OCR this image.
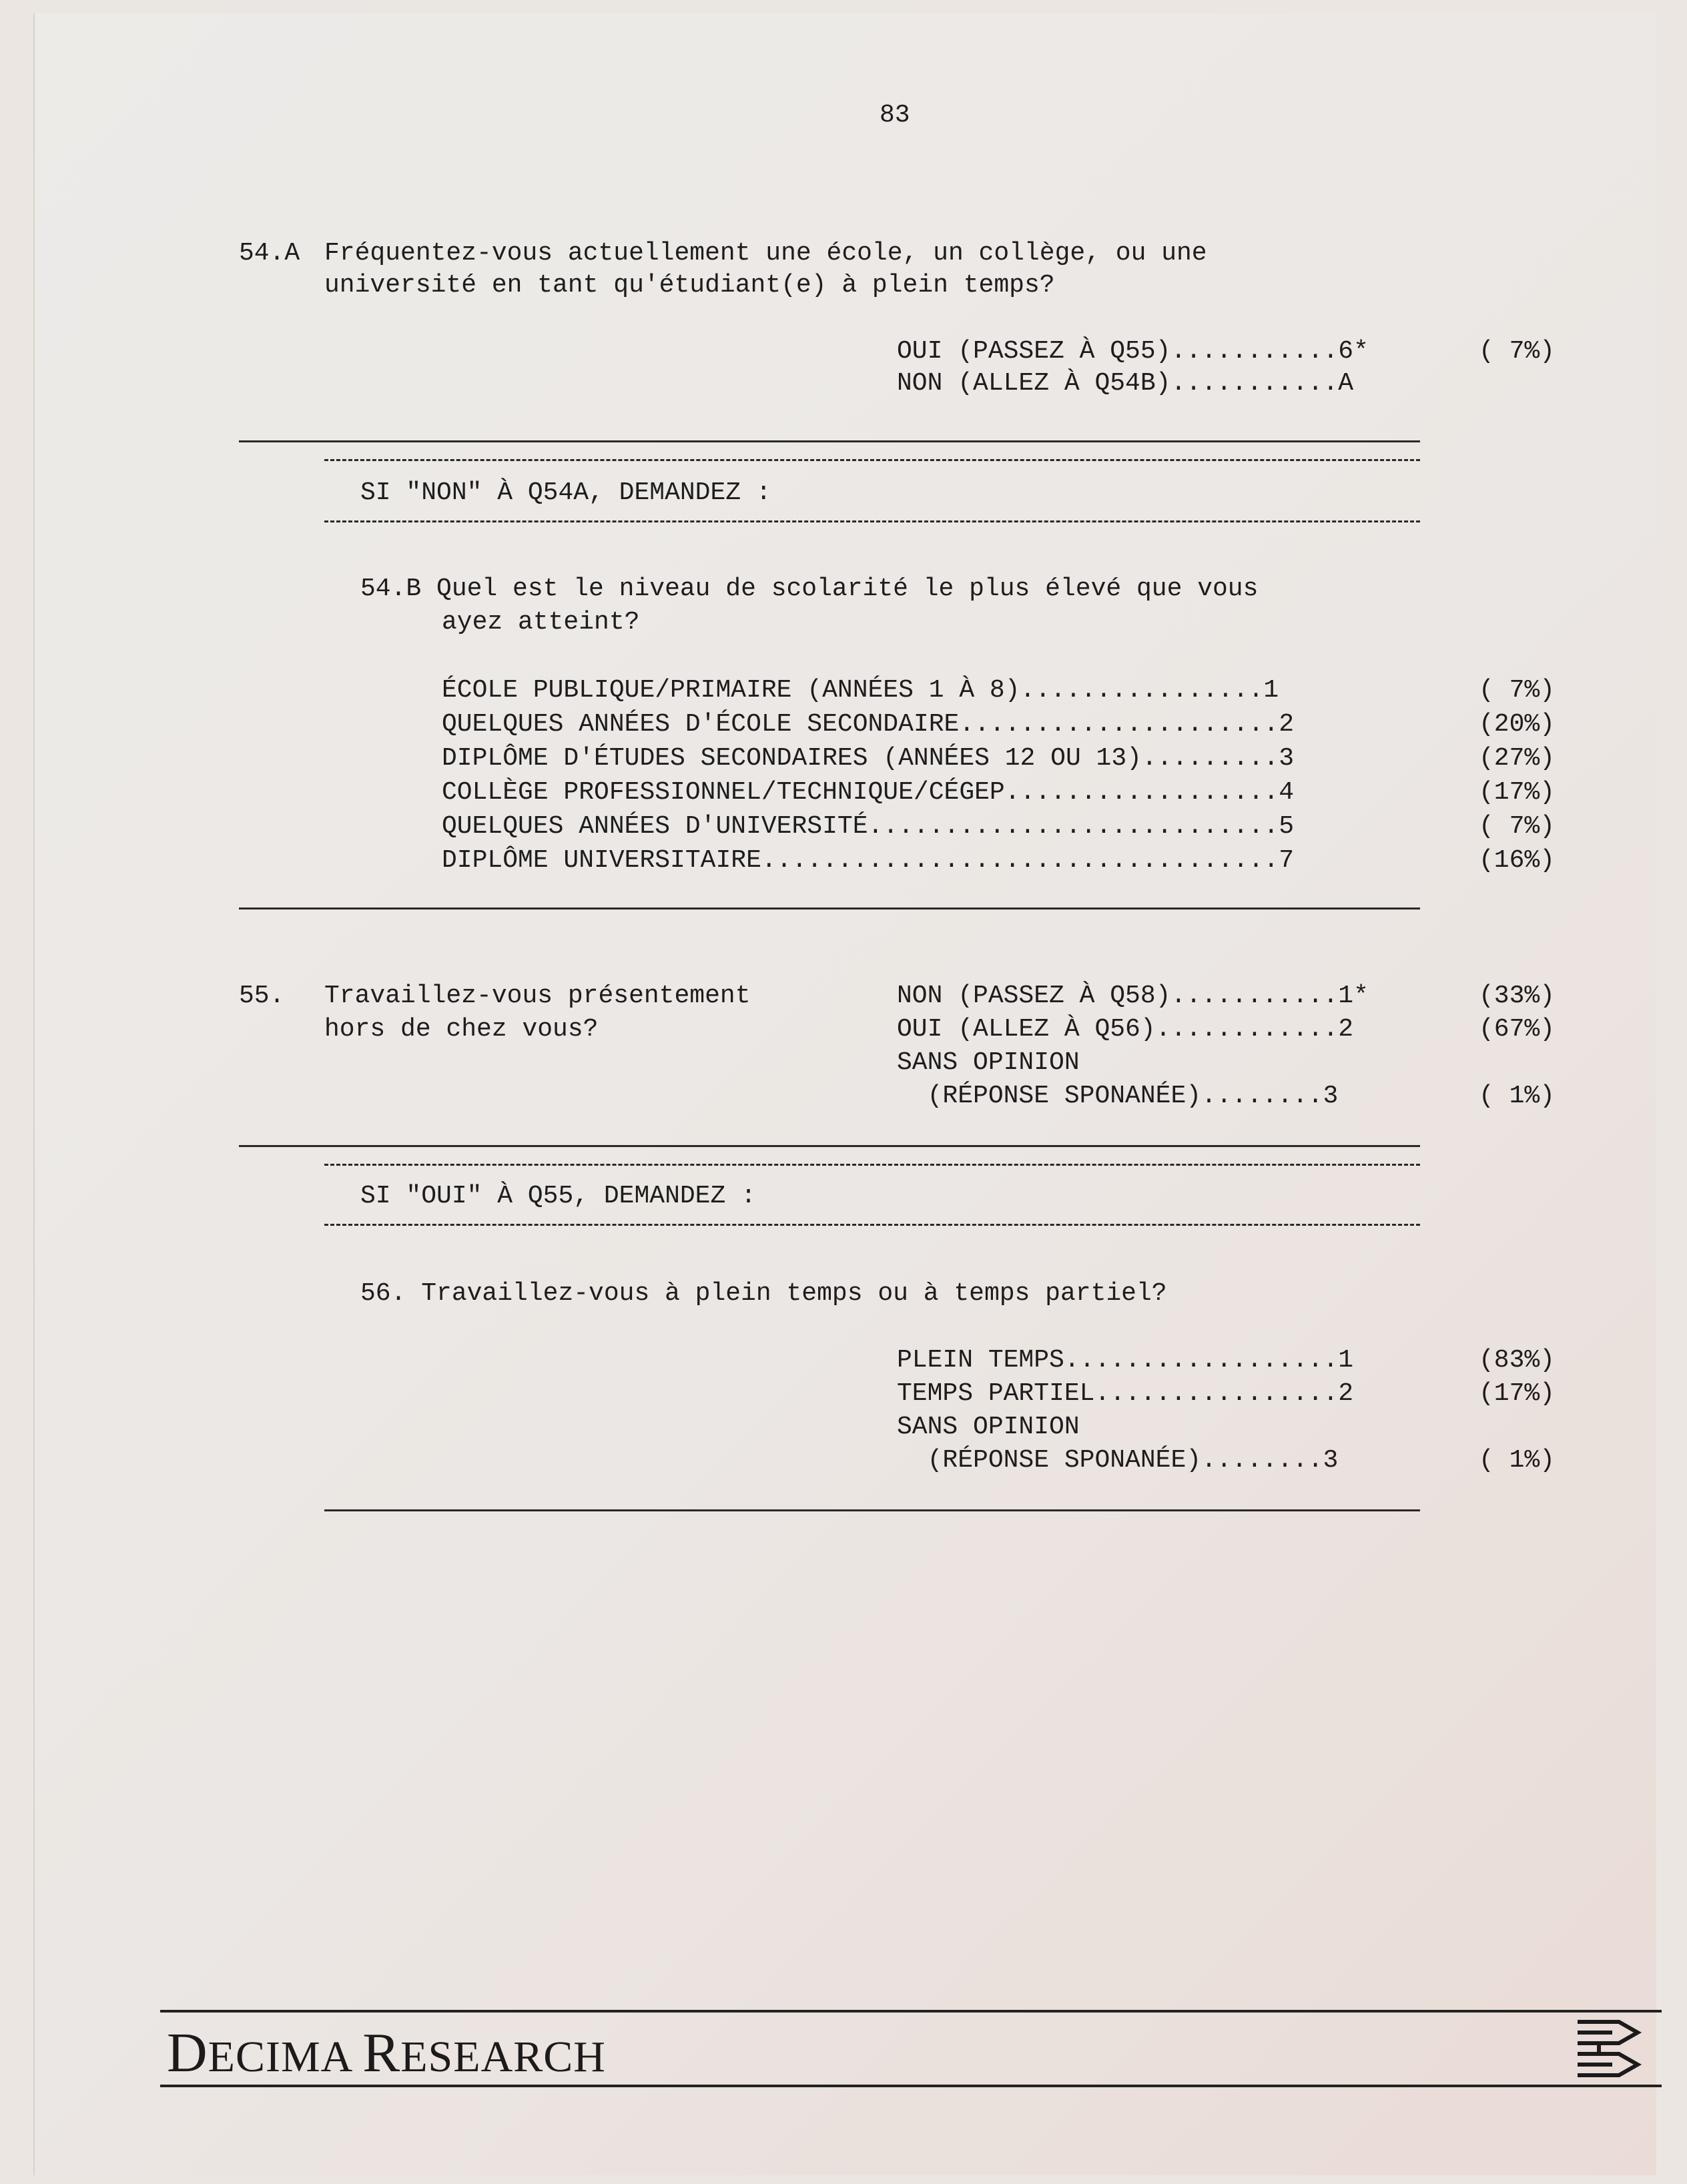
83
54.A Fréquentez-vous actuellement une école, un collège, ou une
université en tant qu'étudiant(e) à plein temps?
OUI (PASSEZ À Q55)...........6*	( 7%)
NON (ALLEZ À Q54B)...........A
SI "NON" À Q54A, DEMANDEZ :
54.B Quel est le niveau de scolarité le plus élevé que vous
ayez atteint?
ÉCOLE PUBLIQUE/PRIMAIRE (ANNÉES 1 À 8)................1	( 7%)
QUELQUES ANNÉES D'ÉCOLE SECONDAIRE.....................2	(20%)
DIPLÔME D'ÉTUDES SECONDAIRES (ANNÉES 12 OU 13).........3	(27%)
COLLÈGE PROFESSIONNEL/TECHNIQUE/CÉGEP..................4	(17%)
QUELQUES ANNÉES D'UNIVERSITÉ...........................5	( 7%)
DIPLÔME UNIVERSITAIRE..................................7	(16%)
55. Travaillez-vous présentement
hors de chez vous?
NON (PASSEZ À Q58)...........1*	(33%)
OUI (ALLEZ À Q56)............2	(67%)
SANS OPINION
(RÉPONSE SPONANÉE)........3	( 1%)
SI "OUI" À Q55, DEMANDEZ :
56. Travaillez-vous à plein temps ou à temps partiel?
PLEIN TEMPS..................1	(83%)
TEMPS PARTIEL................2	(17%)
SANS OPINION
(RÉPONSE SPONANÉE)........3	( 1%)
DECIMA RESEARCH
